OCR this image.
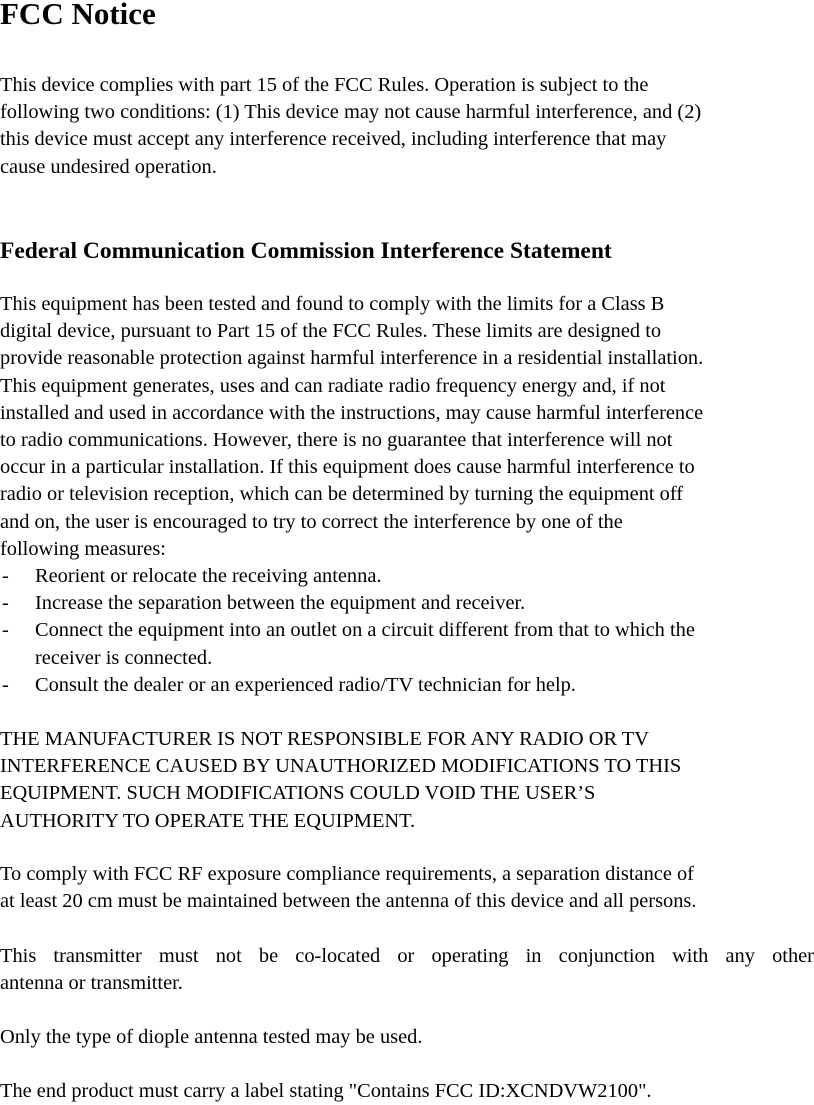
FCC Notice
This device complies with part 15 of the FCC Rules. Operation is subject to the
following two conditions: (1) This device may not cause harmful interference, and (2)
this device must accept any interference received, including interference that may
cause undesired operation.
Federal Communication Commission Interference Statement
This equipment has been tested and found to comply with the limits for a Class B
digital device, pursuant to Part 15 of the FCC Rules. These limits are designed to
provide reasonable protection against harmful interference in a residential installation.
This equipment generates, uses and can radiate radio frequency energy and, if not
installed and used in accordance with the instructions, may cause harmful interference
to radio communications. However, there is no guarantee that interference will not
occur in a particular installation. If this equipment does cause harmful interference to
radio or television reception, which can be determined by turning the equipment off
and on, the user is encouraged to try to correct the interference by one of the
following measures:
- Reorient or relocate the receiving antenna.
- Increase the separation between the equipment and receiver.
- Connect the equipment into an outlet on a circuit different from that to which the
receiver is connected.
- Consult the dealer or an experienced radio/TV technician for help.
THE MANUFACTURER IS NOT RESPONSIBLE FOR ANY RADIO OR TV
INTERFERENCE CAUSED BY UNAUTHORIZED MODIFICATIONS TO THIS
EQUIPMENT. SUCH MODIFICATIONS COULD VOID THE USER’S
AUTHORITY TO OPERATE THE EQUIPMENT.
To comply with FCC RF exposure compliance requirements, a separation distance of
at least 20 cm must be maintained between the antenna of this device and all persons.
This transmitter must not be co-located or operating in conjunction with any other
antenna or transmitter.
Only the type of diople antenna tested may be used.
The end product must carry a label stating "Contains FCC ID:XCNDVW2100".
